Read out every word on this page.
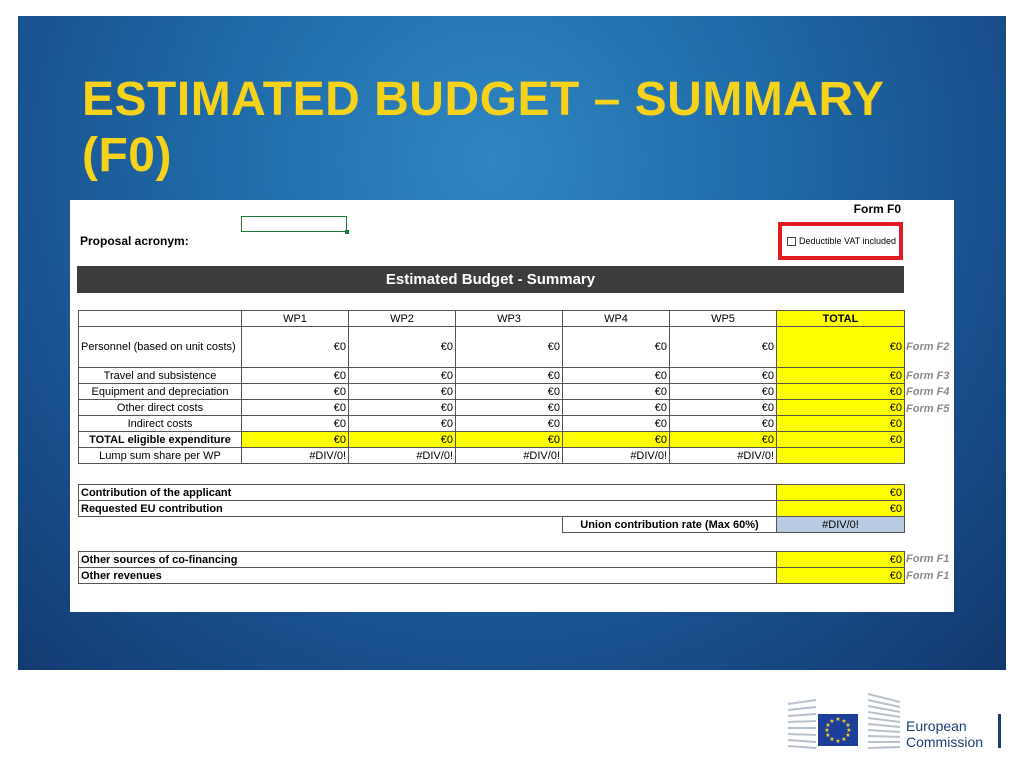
ESTIMATED BUDGET – SUMMARY
(F0)
Form F0
Proposal acronym:	Deductible VAT included
Estimated Budget - Summary
	WP1	WP2	WP3	WP4	WP5	TOTAL
Personnel (based on unit costs)	€0	€0	€0	€0	€0	€0
Travel and subsistence	€0	€0	€0	€0	€0	€0
Equipment and depreciation	€0	€0	€0	€0	€0	€0
Other direct costs	€0	€0	€0	€0	€0	€0
Indirect costs	€0	€0	€0	€0	€0	€0
TOTAL eligible expenditure	€0	€0	€0	€0	€0	€0
Lump sum share per WP	#DIV/0!	#DIV/0!	#DIV/0!	#DIV/0!	#DIV/0!	
Form F2
Form F3
Form F4
Form F5
Contribution of the applicant		€0
Requested EU contribution		€0
	Union contribution rate (Max 60%)	#DIV/0!
Other sources of co-financing	€0
Other revenues	€0
Form F1
Form F1
★ ★
★
★
★
★
★
★
★
★
★
★	European
Commission
